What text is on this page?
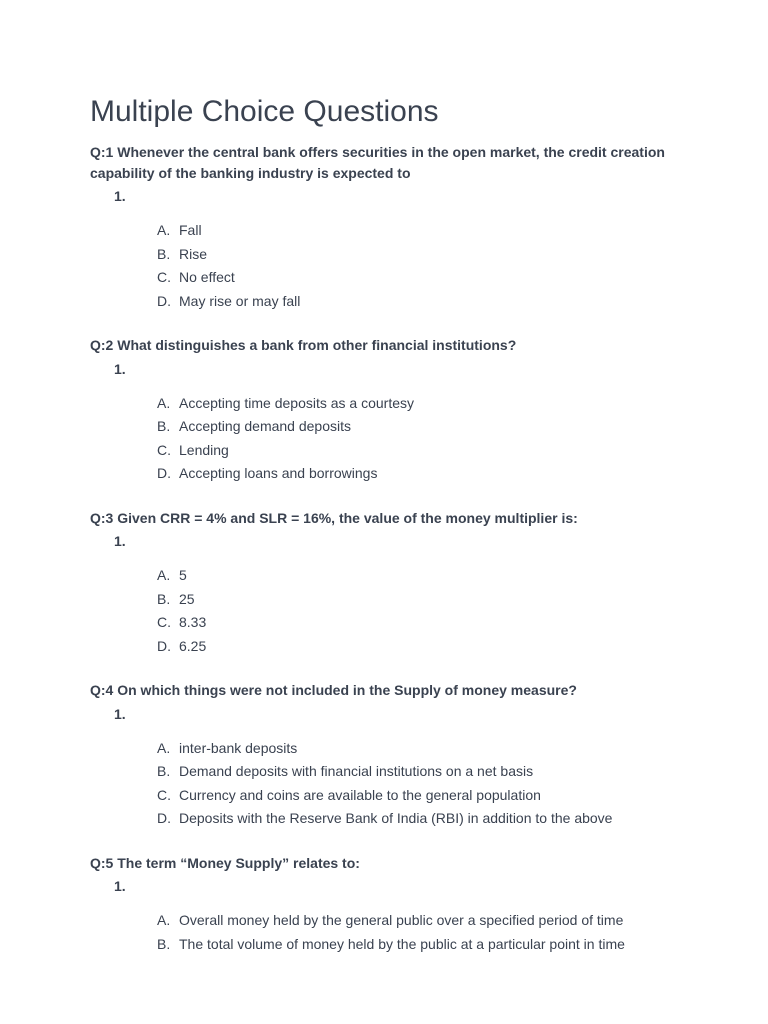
Multiple Choice Questions

Q:1 Whenever the central bank offers securities in the open market, the credit creation capability of the banking industry is expected to

1.
A. Fall
B. Rise
C. No effect
D. May rise or may fall

Q:2 What distinguishes a bank from other financial institutions?

1.
A. Accepting time deposits as a courtesy
B. Accepting demand deposits
C. Lending
D. Accepting loans and borrowings

Q:3 Given CRR = 4% and SLR = 16%, the value of the money multiplier is:

1.
A. 5
B. 25
C. 8.33
D. 6.25

Q:4 On which things were not included in the Supply of money measure?

1.
A. inter-bank deposits
B. Demand deposits with financial institutions on a net basis
C. Currency and coins are available to the general population
D. Deposits with the Reserve Bank of India (RBI) in addition to the above

Q:5 The term “Money Supply” relates to:

1.
A. Overall money held by the general public over a specified period of time
B. The total volume of money held by the public at a particular point in time
